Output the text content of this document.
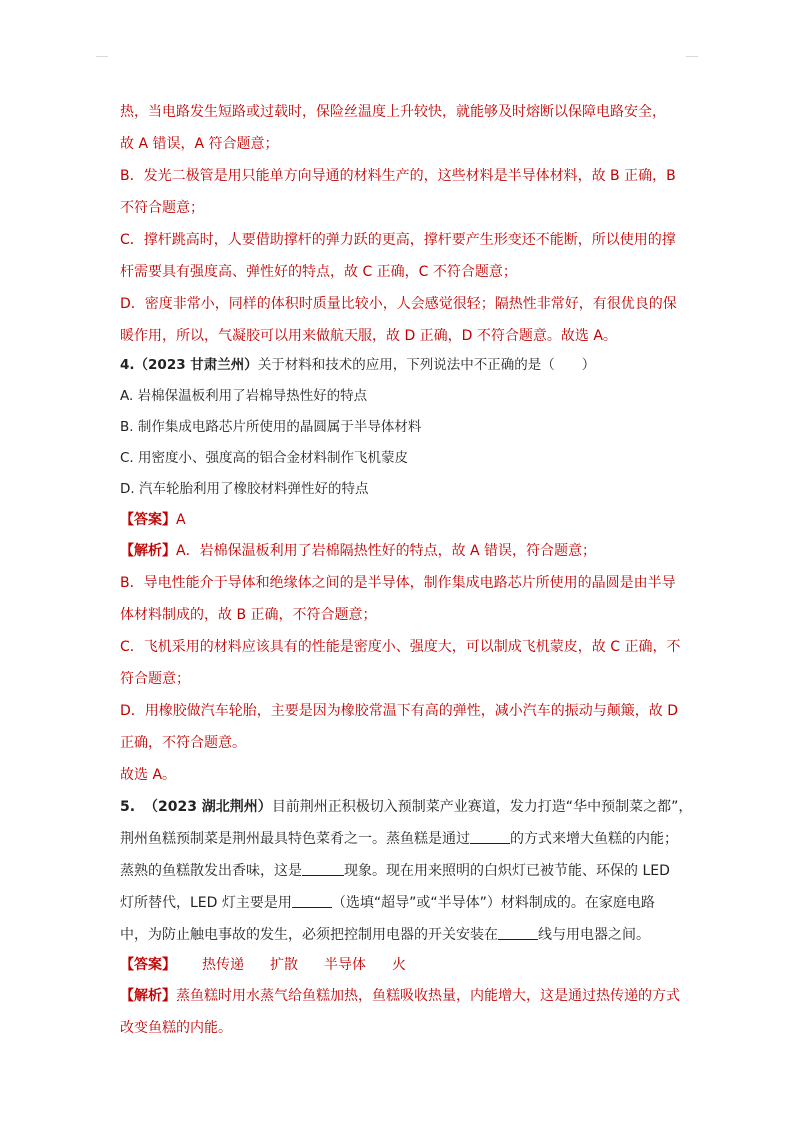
热，当电路发生短路或过载时，保险丝温度上升较快，就能够及时熔断以保障电路安全，

故 A 错误，A 符合题意；

B．发光二极管是用只能单方向导通的材料生产的，这些材料是半导体材料，故 B 正确，B

不符合题意；

C．撑杆跳高时，人要借助撑杆的弹力跃的更高，撑杆要产生形变还不能断，所以使用的撑

杆需要具有强度高、弹性好的特点，故 C 正确，C 不符合题意；

D．密度非常小，同样的体积时质量比较小，人会感觉很轻；隔热性非常好，有很优良的保

暖作用，所以，气凝胶可以用来做航天服，故 D 正确，D 不符合题意。故选 A。

4.（2023 甘肃兰州）关于材料和技术的应用，下列说法中不正确的是（　　）

A. 岩棉保温板利用了岩棉导热性好的特点

B. 制作集成电路芯片所使用的晶圆属于半导体材料

C. 用密度小、强度高的铝合金材料制作飞机蒙皮

D. 汽车轮胎利用了橡胶材料弹性好的特点

【答案】A

【解析】A．岩棉保温板利用了岩棉隔热性好的特点，故 A 错误，符合题意；

B．导电性能介于导体和绝缘体之间的是半导体，制作集成电路芯片所使用的晶圆是由半导

体材料制成的，故 B 正确，不符合题意；

C．飞机采用的材料应该具有的性能是密度小、强度大，可以制成飞机蒙皮，故 C 正确，不

符合题意；

D．用橡胶做汽车轮胎，主要是因为橡胶常温下有高的弹性，减小汽车的振动与颠簸，故 D

正确，不符合题意。

故选 A。

5. （2023 湖北荆州）目前荆州正积极切入预制菜产业赛道，发力打造“华中预制菜之都”，

荆州鱼糕预制菜是荆州最具特色菜肴之一。蒸鱼糕是通过	的方式来增大鱼糕的内能；

蒸熟的鱼糕散发出香味，这是	现象。现在用来照明的白炽灯已被节能、环保的 LED

灯所替代，LED 灯主要是用	（选填“超导”或“半导体”）材料制成的。在家庭电路

中，为防止触电事故的发生，必须把控制用电器的开关安装在	线与用电器之间。

【答案】 热传递 扩散 半导体 火

【解析】蒸鱼糕时用水蒸气给鱼糕加热，鱼糕吸收热量，内能增大，这是通过热传递的方式

改变鱼糕的内能。
